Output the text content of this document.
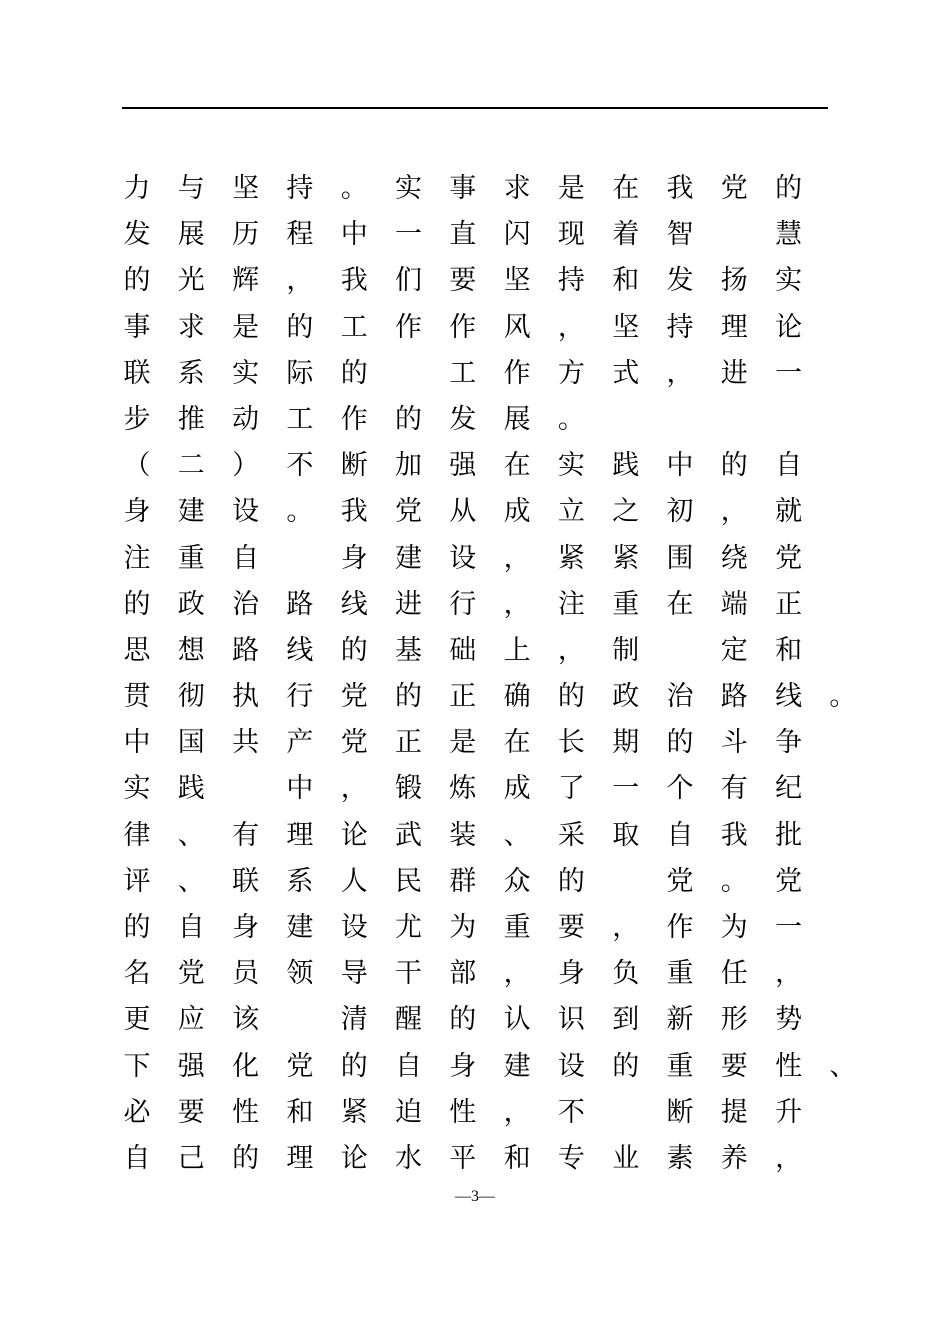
力 与 坚 持 。 实 事 求 是 在 我 党 的
发 展 历 程 中 一 直 闪 现 着 智	慧
的 光 辉 ， 我 们 要 坚 持 和 发 扬 实
事 求 是 的 工 作 作 风 ， 坚 持 理 论
联 系 实 际 的	工 作 方 式 ， 进 一
步 推 动 工 作 的 发 展 。
（ 二 ） 不 断 加 强 在 实 践 中 的 自
身 建 设 。 我 党 从 成 立 之 初 ， 就
注 重 自	身 建 设 ， 紧 紧 围 绕 党
的 政 治 路 线 进 行 ， 注 重 在 端 正
思 想 路 线 的 基 础 上 ， 制	定 和
贯 彻 执 行 党 的 正 确 的 政 治 路 线 。
中 国 共 产 党 正 是 在 长 期 的 斗 争
实 践	中 ， 锻 炼 成 了 一 个 有 纪
律 、 有 理 论 武 装 、 采 取 自 我 批
评 、 联 系 人 民 群 众 的	党 。 党
的 自 身 建 设 尤 为 重 要 ， 作 为 一
名 党 员 领 导 干 部 ， 身 负 重 任 ，
更 应 该	清 醒 的 认 识 到 新 形 势
下 强 化 党 的 自 身 建 设 的 重 要 性 、
必 要 性 和 紧 迫 性 ， 不	断 提 升
自 己 的 理 论 水 平 和 专 业 素 养 ，
—3—
